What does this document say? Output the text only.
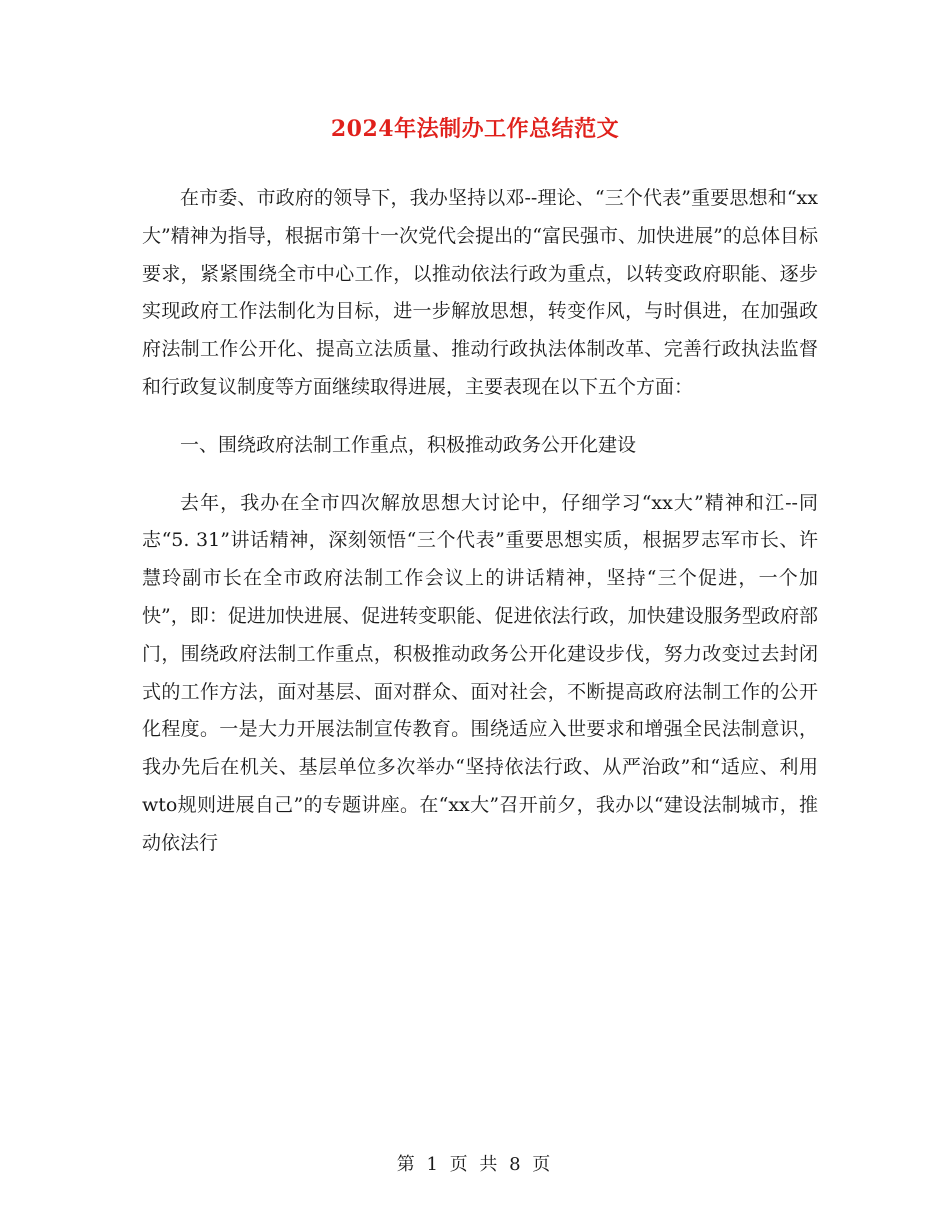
2024年法制办工作总结范文

在市委、市政府的领导下，我办坚持以邓--理论、“三个代表”重要思想和“xx大”精神为指导，根据市第十一次党代会提出的“富民强市、加快进展”的总体目标要求，紧紧围绕全市中心工作，以推动依法行政为重点，以转变政府职能、逐步实现政府工作法制化为目标，进一步解放思想，转变作风，与时俱进，在加强政府法制工作公开化、提高立法质量、推动行政执法体制改革、完善行政执法监督和行政复议制度等方面继续取得进展，主要表现在以下五个方面：

一、围绕政府法制工作重点，积极推动政务公开化建设

去年，我办在全市四次解放思想大讨论中，仔细学习“xx大”精神和江--同志“5. 31”讲话精神，深刻领悟“三个代表”重要思想实质，根据罗志军市长、许慧玲副市长在全市政府法制工作会议上的讲话精神，坚持“三个促进，一个加快”，即：促进加快进展、促进转变职能、促进依法行政，加快建设服务型政府部门，围绕政府法制工作重点，积极推动政务公开化建设步伐，努力改变过去封闭式的工作方法，面对基层、面对群众、面对社会，不断提高政府法制工作的公开化程度。一是大力开展法制宣传教育。围绕适应入世要求和增强全民法制意识，我办先后在机关、基层单位多次举办“坚持依法行政、从严治政”和“适应、利用wto规则进展自己”的专题讲座。在“xx大”召开前夕，我办以“建设法制城市，推动依法行

第 1 页 共 8 页
